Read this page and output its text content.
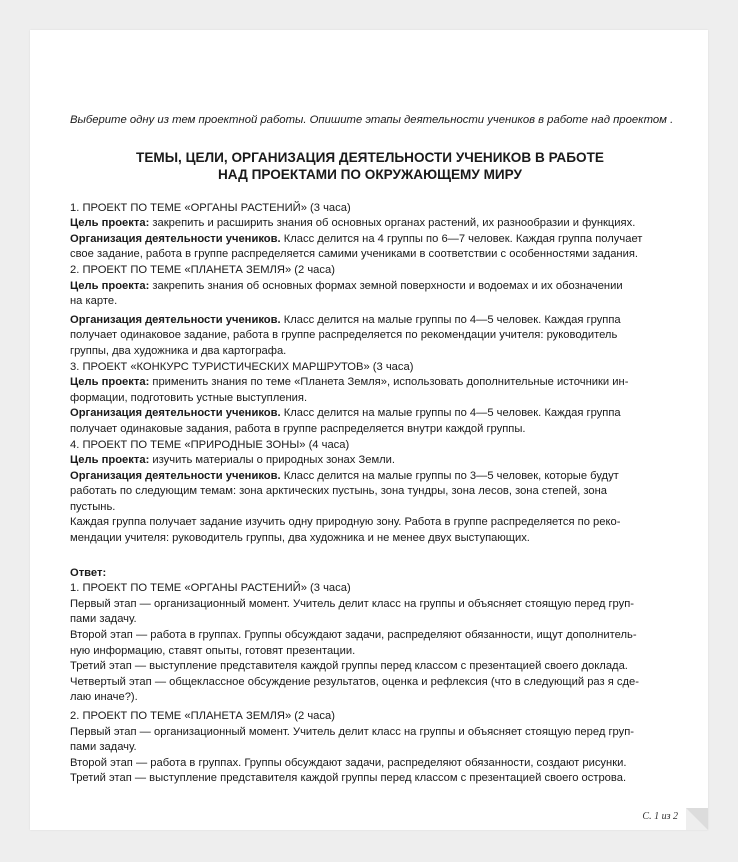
Выберите одну из тем проектной работы. Опишите этапы деятельности учеников в работе над проектом .

ТЕМЫ, ЦЕЛИ, ОРГАНИЗАЦИЯ ДЕЯТЕЛЬНОСТИ УЧЕНИКОВ В РАБОТЕ
НАД ПРОЕКТАМИ ПО ОКРУЖАЮЩЕМУ МИРУ

1. ПРОЕКТ ПО ТЕМЕ «ОРГАНЫ РАСТЕНИЙ» (3 часа)

Цель проекта: закрепить и расширить знания об основных органах растений, их разнообразии и функциях.

Организация деятельности учеников. Класс делится на 4 группы по 6—7 человек. Каждая группа получает

свое задание, работа в группе распределяется самими учениками в соответствии с особенностями задания.

2. ПРОЕКТ ПО ТЕМЕ «ПЛАНЕТА ЗЕМЛЯ» (2 часа)

Цель проекта: закрепить знания об основных формах земной поверхности и водоемах и их обозначении

на карте.

Организация деятельности учеников. Класс делится на малые группы по 4—5 человек. Каждая группа

получает одинаковое задание, работа в группе распределяется по рекомендации учителя: руководитель

группы, два художника и два картографа.

3. ПРОЕКТ «КОНКУРС ТУРИСТИЧЕСКИХ МАРШРУТОВ» (3 часа)

Цель проекта: применить знания по теме «Планета Земля», использовать дополнительные источники ин-

формации, подготовить устные выступления.

Организация деятельности учеников. Класс делится на малые группы по 4—5 человек. Каждая группа

получает одинаковые задания, работа в группе распределяется внутри каждой группы.

4. ПРОЕКТ ПО ТЕМЕ «ПРИРОДНЫЕ ЗОНЫ» (4 часа)

Цель проекта: изучить материалы о природных зонах Земли.

Организация деятельности учеников. Класс делится на малые группы по 3—5 человек, которые будут

работать по следующим темам: зона арктических пустынь, зона тундры, зона лесов, зона степей, зона

пустынь.

Каждая группа получает задание изучить одну природную зону. Работа в группе распределяется по реко-

мендации учителя: руководитель группы, два художника и не менее двух выступающих.

Ответ:

1. ПРОЕКТ ПО ТЕМЕ «ОРГАНЫ РАСТЕНИЙ» (3 часа)

Первый этап — организационный момент. Учитель делит класс на группы и объясняет стоящую перед груп-

пами задачу.

Второй этап — работа в группах. Группы обсуждают задачи, распределяют обязанности, ищут дополнитель-

ную информацию, ставят опыты, готовят презентации.

Третий этап — выступление представителя каждой группы перед классом с презентацией своего доклада.

Четвертый этап — общеклассное обсуждение результатов, оценка и рефлексия (что в следующий раз я сде-

лаю иначе?).

2. ПРОЕКТ ПО ТЕМЕ «ПЛАНЕТА ЗЕМЛЯ» (2 часа)

Первый этап — организационный момент. Учитель делит класс на группы и объясняет стоящую перед груп-

пами задачу.

Второй этап — работа в группах. Группы обсуждают задачи, распределяют обязанности, создают рисунки.

Третий этап — выступление представителя каждой группы перед классом с презентацией своего острова.

С. 1 из 2
